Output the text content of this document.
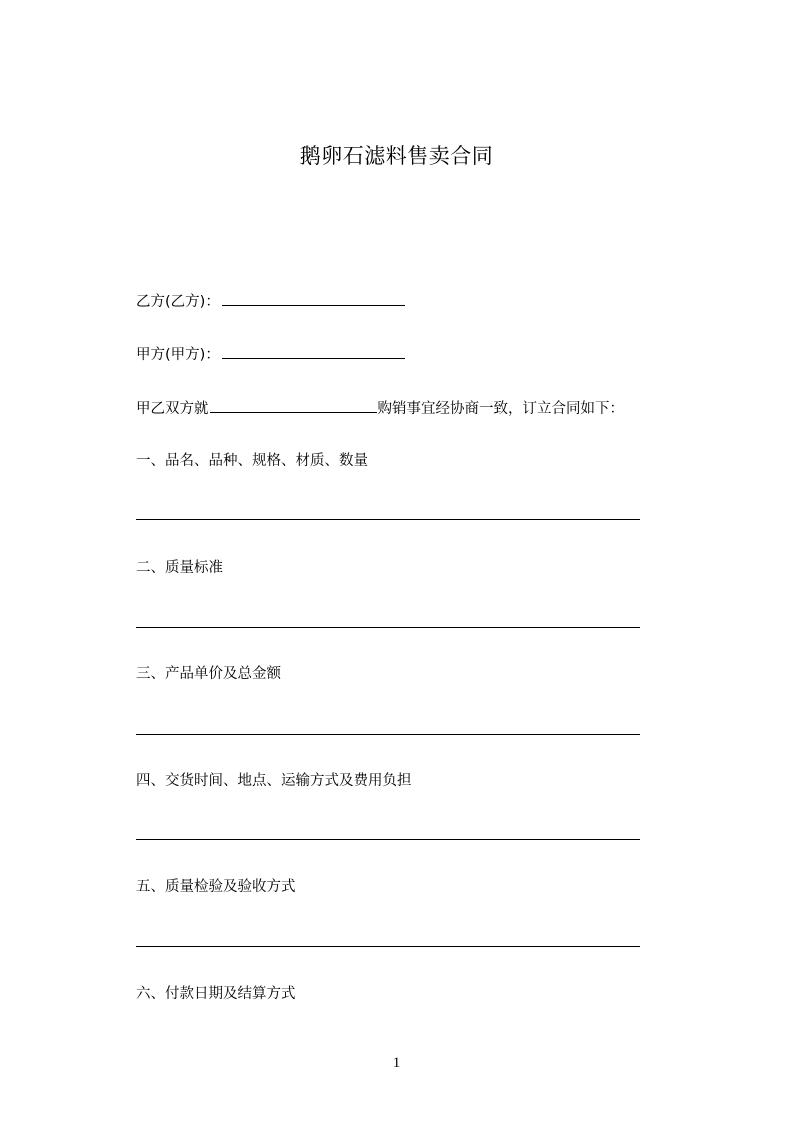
鹅卵石滤料售卖合同
乙方(乙方)：
甲方(甲方)：
甲乙双方就	购销事宜经协商一致，订立合同如下：
一、品名、品种、规格、材质、数量
二、质量标准
三、产品单价及总金额
四、交货时间、地点、运输方式及费用负担
五、质量检验及验收方式
六、付款日期及结算方式
1
